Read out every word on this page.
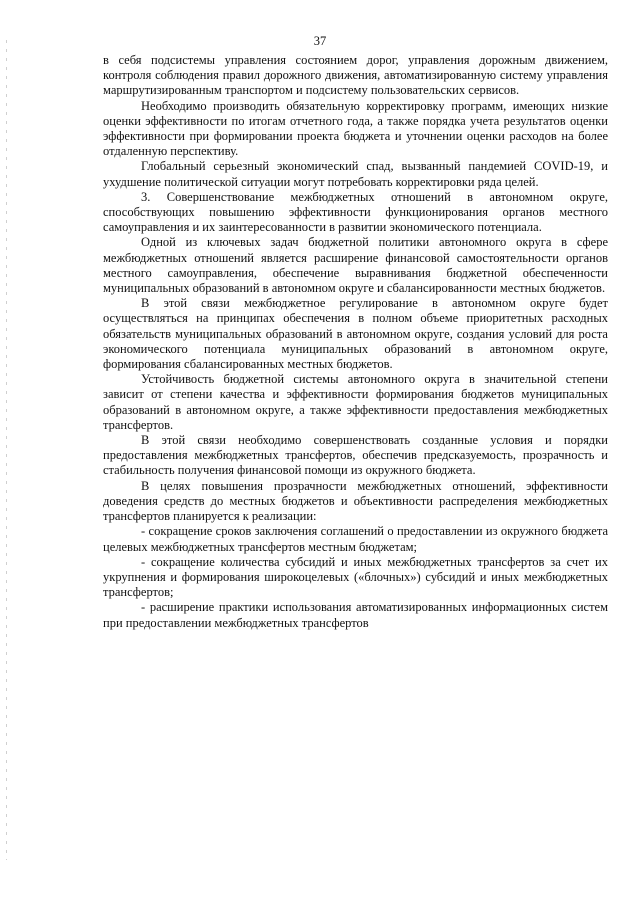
37

в себя подсистемы управления состоянием дорог, управления дорожным движением, контроля соблюдения правил дорожного движения, автоматизированную систему управления маршрутизированным транспортом и подсистему пользовательских сервисов.

Необходимо производить обязательную корректировку программ, имеющих низкие оценки эффективности по итогам отчетного года, а также порядка учета результатов оценки эффективности при формировании проекта бюджета и уточнении оценки расходов на более отдаленную перспективу.

Глобальный серьезный экономический спад, вызванный пандемией COVID-19, и ухудшение политической ситуации могут потребовать корректировки ряда целей.

3. Совершенствование межбюджетных отношений в автономном округе, способствующих повышению эффективности функционирования органов местного самоуправления и их заинтересованности в развитии экономического потенциала.

Одной из ключевых задач бюджетной политики автономного округа в сфере межбюджетных отношений является расширение финансовой самостоятельности органов местного самоуправления, обеспечение выравнивания бюджетной обеспеченности муниципальных образований в автономном округе и сбалансированности местных бюджетов.

В этой связи межбюджетное регулирование в автономном округе будет осуществляться на принципах обеспечения в полном объеме приоритетных расходных обязательств муниципальных образований в автономном округе, создания условий для роста экономического потенциала муниципальных образований в автономном округе, формирования сбалансированных местных бюджетов.

Устойчивость бюджетной системы автономного округа в значительной степени зависит от степени качества и эффективности формирования бюджетов муниципальных образований в автономном округе, а также эффективности предоставления межбюджетных трансфертов.

В этой связи необходимо совершенствовать созданные условия и порядки предоставления межбюджетных трансфертов, обеспечив предсказуемость, прозрачность и стабильность получения финансовой помощи из окружного бюджета.

В целях повышения прозрачности межбюджетных отношений, эффективности доведения средств до местных бюджетов и объективности распределения межбюджетных трансфертов планируется к реализации:

- сокращение сроков заключения соглашений о предоставлении из окружного бюджета целевых межбюджетных трансфертов местным бюджетам;

- сокращение количества субсидий и иных межбюджетных трансфертов за счет их укрупнения и формирования широкоцелевых («блочных») субсидий и иных межбюджетных трансфертов;

- расширение практики использования автоматизированных информационных систем при предоставлении межбюджетных трансфертов
